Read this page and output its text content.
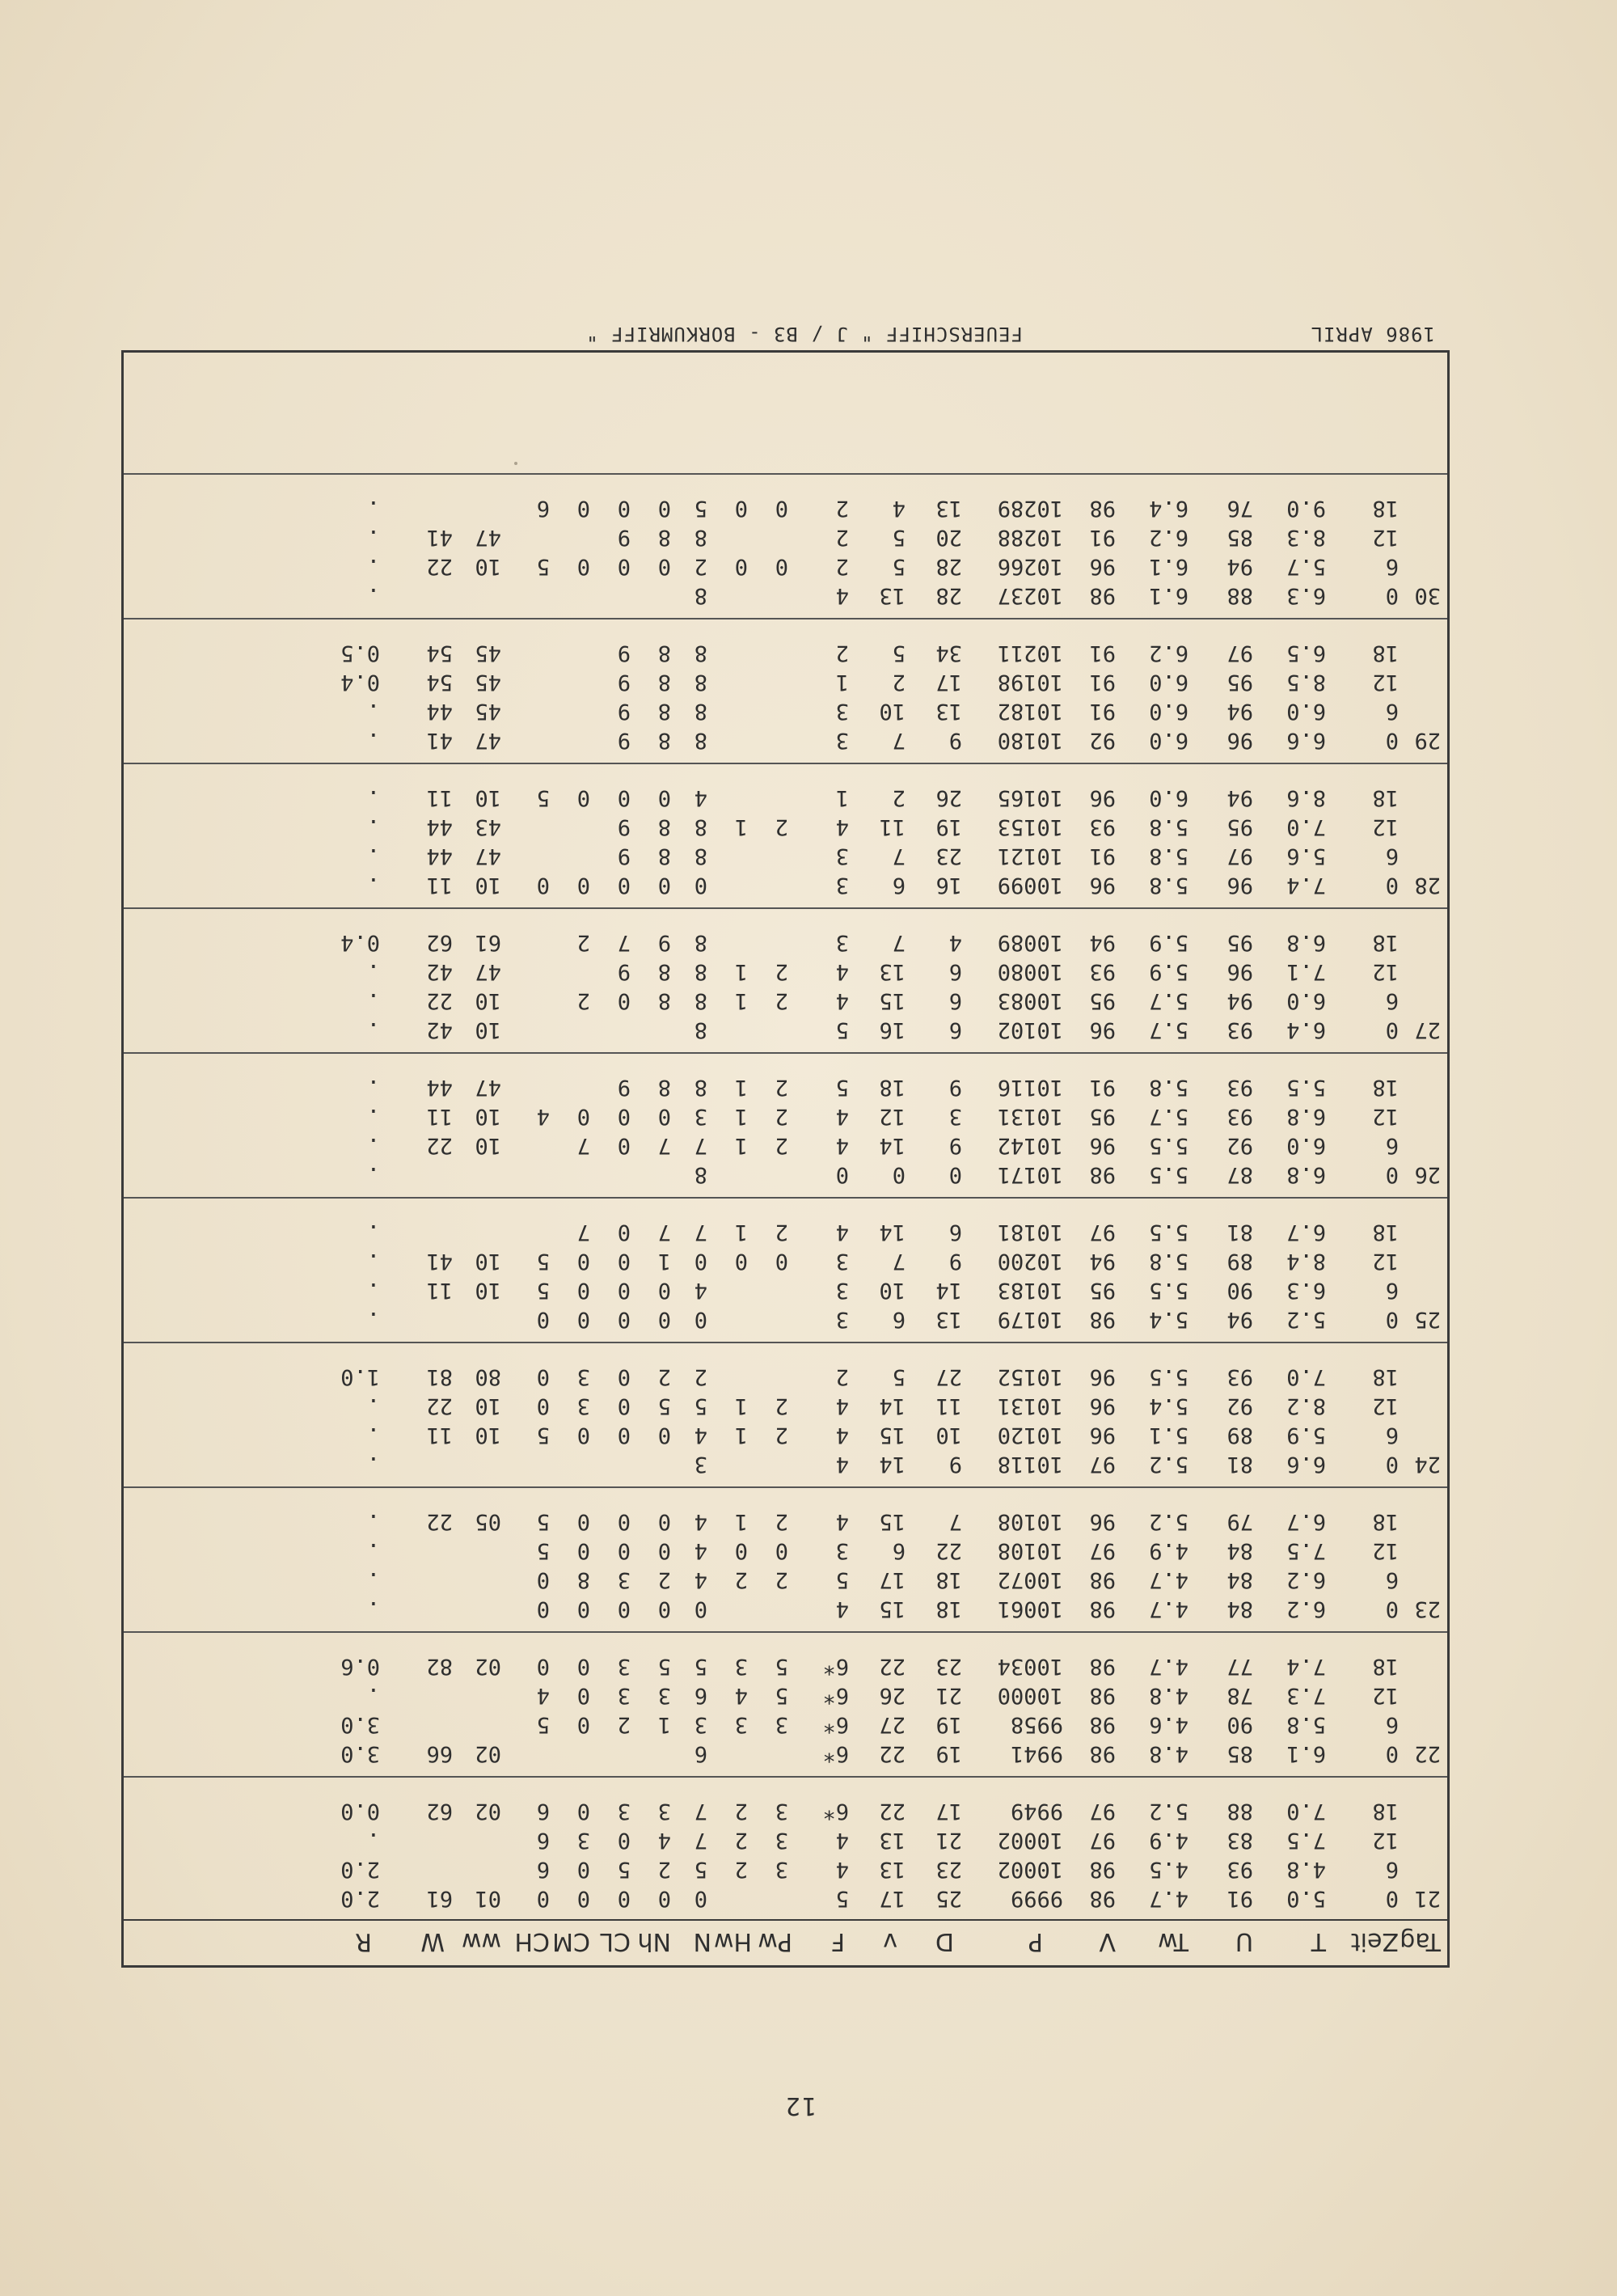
12
Tag
Zeit
T
U
Tw
V
P
D
v
F
Pw
Hw
N
Nh
CL
CM
CH
ww
W
R
21
0
5.0
91
4.7
98
9999
25
17
5
0
0
0
0
0
01
61
2.0
6
4.8
93
4.5
98
10002
23
13
4
3
2
5
2
5
0
6
2.0
12
7.5
83
4.9
97
10002
21
13
4
3
2
7
4
0
3
6
.
18
7.0
88
5.2
97
9949
17
22
6*
3
2
7
3
3
0
6
02
62
0.0
22
0
6.1
85
4.8
98
9941
19
22
6*
6
02
66
3.0
6
5.8
90
4.6
98
9958
19
27
6*
3
3
3
1
2
0
5
3.0
12
7.3
78
4.8
98
10000
21
26
6*
5
4
6
3
3
0
4
.
18
7.4
77
4.7
98
10034
23
22
6*
5
3
5
5
3
0
0
02
82
0.6
23
0
6.2
84
4.7
98
10061
18
15
4
0
0
0
0
0
.
6
6.2
84
4.7
98
10072
18
17
5
2
2
4
2
3
8
0
.
12
7.5
84
4.9
97
10108
22
6
3
0
0
4
0
0
0
5
.
18
6.7
79
5.2
96
10108
7
15
4
2
1
4
0
0
0
5
05
22
.
24
0
6.6
81
5.2
97
10118
9
14
4
3
.
6
5.9
89
5.1
96
10120
10
15
4
2
1
4
0
0
0
5
10
11
.
12
8.2
92
5.4
96
10131
11
14
4
2
1
5
5
0
3
0
10
22
.
18
7.0
93
5.5
96
10152
27
5
2
2
2
0
3
0
80
81
1.0
25
0
5.2
94
5.4
98
10179
13
6
3
0
0
0
0
0
.
6
6.3
90
5.5
95
10183
14
10
3
4
0
0
0
5
10
11
.
12
8.4
89
5.8
94
10200
9
7
3
0
0
0
1
0
0
5
10
41
.
18
6.7
81
5.5
97
10181
6
14
4
2
1
7
7
0
7
.
26
0
6.8
87
5.5
98
10171
0
0
0
8
.
6
6.0
92
5.5
96
10142
9
14
4
2
1
7
7
0
7
10
22
.
12
6.8
93
5.7
95
10131
3
12
4
2
1
3
0
0
0
4
10
11
.
18
5.5
93
5.8
91
10116
9
18
5
2
1
8
8
9
47
44
.
27
0
6.4
93
5.7
96
10102
6
16
5
8
10
42
.
6
6.0
94
5.7
95
10083
6
15
4
2
1
8
8
0
2
10
22
.
12
7.1
96
5.9
93
10080
6
13
4
2
1
8
8
9
47
42
.
18
6.8
95
5.9
94
10089
4
7
3
8
9
7
2
61
62
0.4
28
0
7.4
96
5.8
96
10099
16
6
3
0
0
0
0
0
10
11
.
6
5.6
97
5.8
91
10121
23
7
3
8
8
9
47
44
.
12
7.0
95
5.8
93
10153
19
11
4
2
1
8
8
9
43
44
.
18
8.6
94
6.0
96
10165
26
2
1
4
0
0
0
5
10
11
.
29
0
6.6
96
6.0
92
10180
9
7
3
8
8
9
47
41
.
6
6.0
94
6.0
91
10182
13
10
3
8
8
9
45
44
.
12
8.5
95
6.0
91
10198
17
2
1
8
8
9
45
54
0.4
18
6.5
97
6.2
91
10211
34
5
2
8
8
9
45
54
0.5
30
0
6.3
88
6.1
98
10237
28
13
4
8
.
6
5.7
94
6.1
96
10266
28
5
2
0
0
2
0
0
0
5
10
22
.
12
8.3
85
6.2
91
10288
20
5
2
8
8
9
47
41
.
18
9.0
76
6.4
98
10289
13
4
2
0
0
5
0
0
0
6
.
1986 APRIL
FEUERSCHIFF " J / B3 - BORKUMRIFF "
